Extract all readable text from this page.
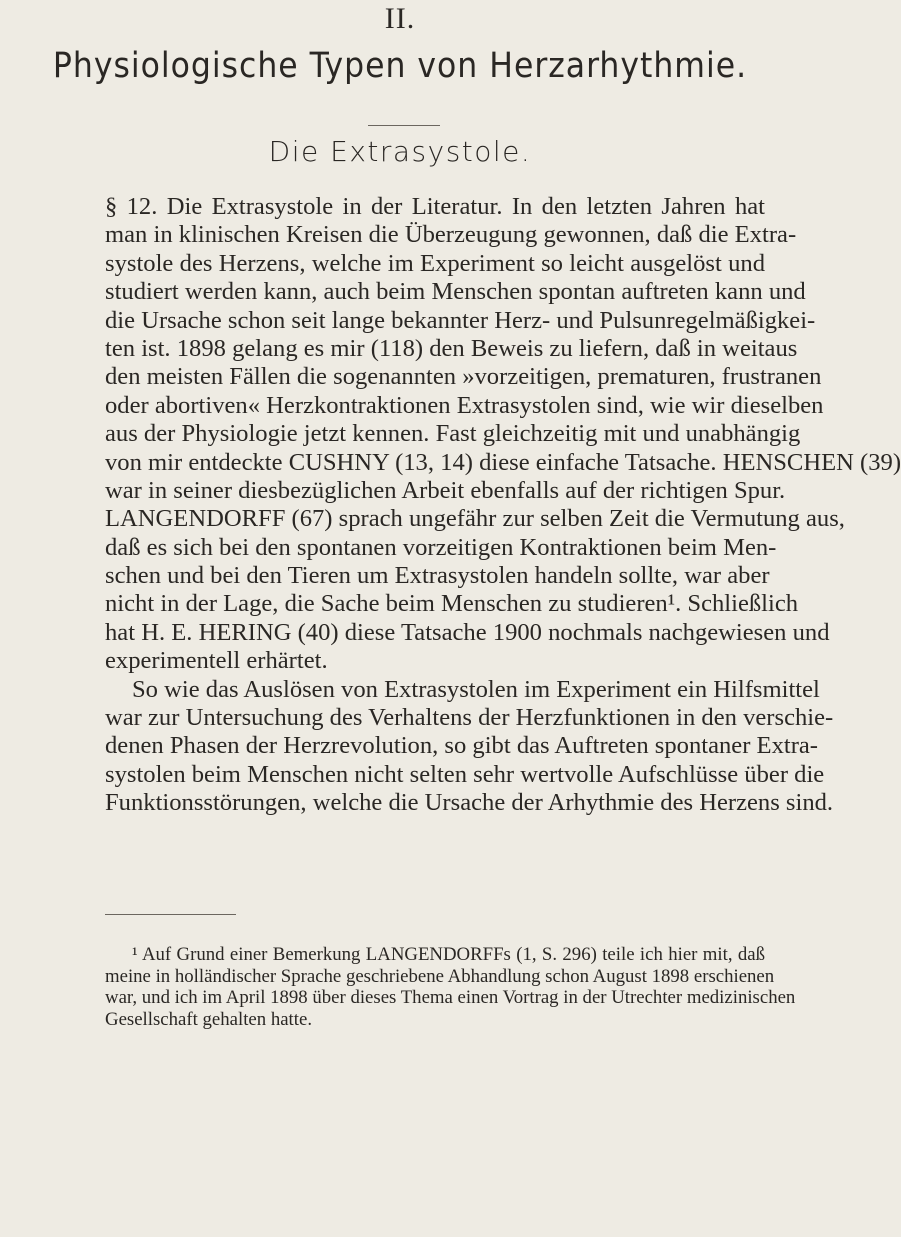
II.
Physiologische Typen von Herzarhythmie.
Die Extrasystole.
§ 12. Die Extrasystole in der Literatur. In den letzten Jahren hat
man in klinischen Kreisen die Überzeugung gewonnen, daß die Extra-
systole des Herzens, welche im Experiment so leicht ausgelöst und
studiert werden kann, auch beim Menschen spontan auftreten kann und
die Ursache schon seit lange bekannter Herz- und Pulsunregelmäßigkei-
ten ist. 1898 gelang es mir (118) den Beweis zu liefern, daß in weitaus
den meisten Fällen die sogenannten »vorzeitigen, prematuren, frustranen
oder abortiven« Herzkontraktionen Extrasystolen sind, wie wir dieselben
aus der Physiologie jetzt kennen. Fast gleichzeitig mit und unabhängig
von mir entdeckte CUSHNY (13, 14) diese einfache Tatsache. HENSCHEN (39)
war in seiner diesbezüglichen Arbeit ebenfalls auf der richtigen Spur.
LANGENDORFF (67) sprach ungefähr zur selben Zeit die Vermutung aus,
daß es sich bei den spontanen vorzeitigen Kontraktionen beim Men-
schen und bei den Tieren um Extrasystolen handeln sollte, war aber
nicht in der Lage, die Sache beim Menschen zu studieren¹. Schließlich
hat H. E. HERING (40) diese Tatsache 1900 nochmals nachgewiesen und
experimentell erhärtet.
So wie das Auslösen von Extrasystolen im Experiment ein Hilfsmittel
war zur Untersuchung des Verhaltens der Herzfunktionen in den verschie-
denen Phasen der Herzrevolution, so gibt das Auftreten spontaner Extra-
systolen beim Menschen nicht selten sehr wertvolle Aufschlüsse über die
Funktionsstörungen, welche die Ursache der Arhythmie des Herzens sind.
¹ Auf Grund einer Bemerkung LANGENDORFFs (1, S. 296) teile ich hier mit, daß
meine in holländischer Sprache geschriebene Abhandlung schon August 1898 erschienen
war, und ich im April 1898 über dieses Thema einen Vortrag in der Utrechter medizinischen
Gesellschaft gehalten hatte.
